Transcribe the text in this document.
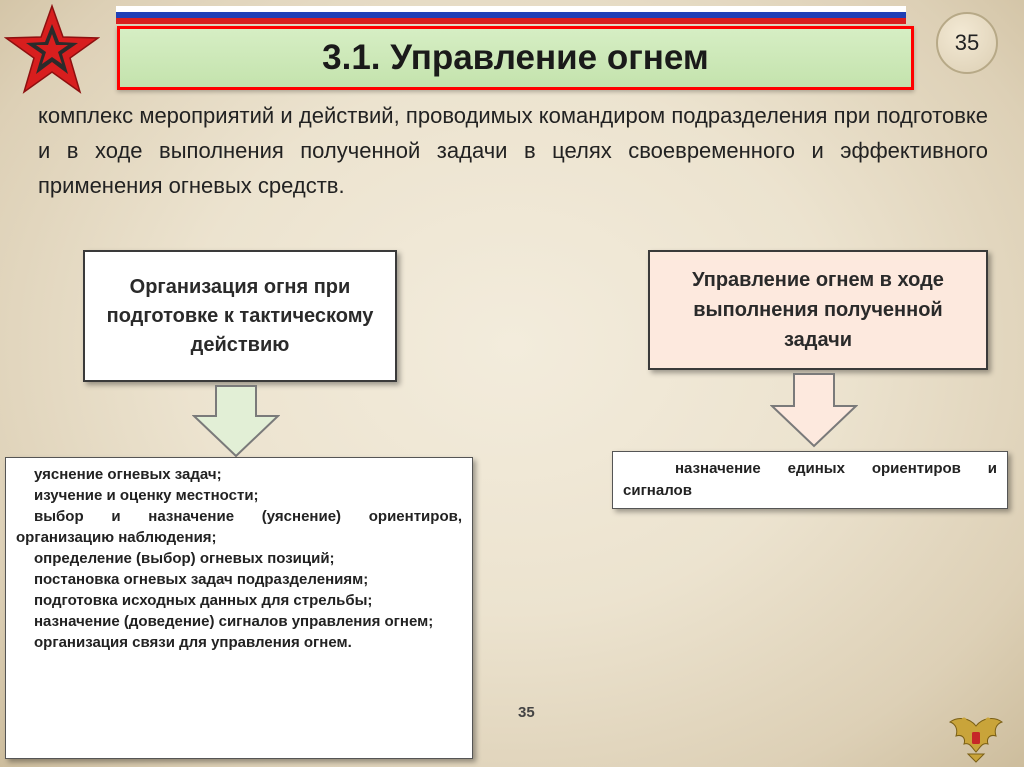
3.1. Управление огнем	35
комплекс мероприятий и действий, проводимых командиром подразделения при подготовке и в ходе выполнения полученной задачи в целях своевременного и эффективного применения огневых средств.
Организация огня при подготовке к тактическому действию
Управление огнем в ходе выполнения полученной задачи
уяснение огневых задач;
изучение и оценку местности;
выбор и назначение (уяснение) ориентиров, организацию наблюдения;
определение (выбор) огневых позиций;
постановка огневых задач подразделениям;
подготовка исходных данных для стрельбы;
назначение (доведение) сигналов управления огнем;
организация связи для управления огнем.
назначение единых ориентиров и сигналов
35
